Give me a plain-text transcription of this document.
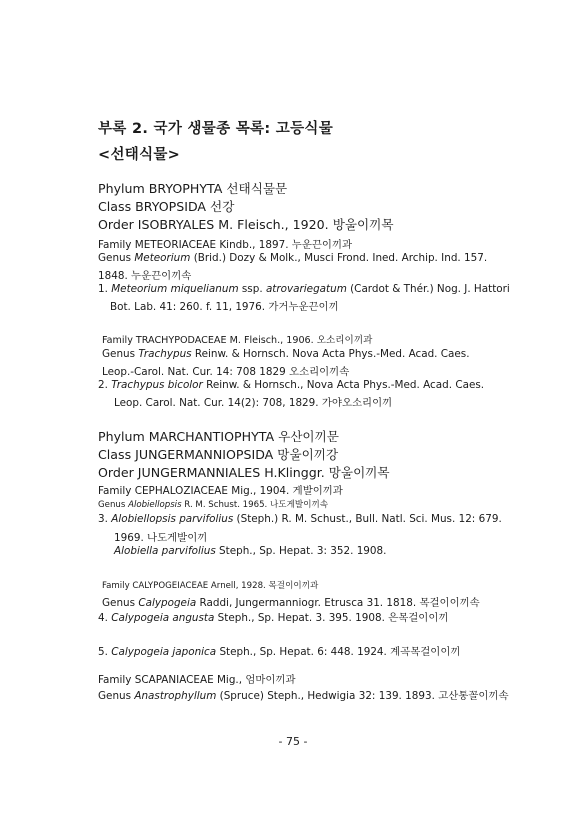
부록 2. 국가 생물종 목록: 고등식물
<선태식물>
Phylum BRYOPHYTA 선태식물문
Class BRYOPSIDA 선강
Order ISOBRYALES M. Fleisch., 1920. 방울이끼목
Family METEORIACEAE Kindb., 1897. 누운끈이끼과
Genus Meteorium (Brid.) Dozy & Molk., Musci Frond. Ined. Archip. Ind. 157.
1848. 누운끈이끼속
1. Meteorium miquelianum ssp. atrovariegatum (Cardot & Thér.) Nog. J. Hattori
Bot. Lab. 41: 260. f. 11, 1976. 가거누운끈이끼
Family TRACHYPODACEAE M. Fleisch., 1906. 오소리이끼과
Genus Trachypus Reinw. & Hornsch. Nova Acta Phys.-Med. Acad. Caes.
Leop.-Carol. Nat. Cur. 14: 708 1829 오소리이끼속
2. Trachypus bicolor Reinw. & Hornsch., Nova Acta Phys.-Med. Acad. Caes.
Leop. Carol. Nat. Cur. 14(2): 708, 1829. 가야오소리이끼
Phylum MARCHANTIOPHYTA 우산이끼문
Class JUNGERMANNIOPSIDA 망울이끼강
Order JUNGERMANNIALES H.Klinggr. 망울이끼목
Family CEPHALOZIACEAE Mig., 1904. 게발이끼과
Genus Alobiellopsis R. M. Schust. 1965. 나도게발이끼속
3. Alobiellopsis parvifolius (Steph.) R. M. Schust., Bull. Natl. Sci. Mus. 12: 679.
1969. 나도게발이끼
Alobiella parvifolius Steph., Sp. Hepat. 3: 352. 1908.
Family CALYPOGEIACEAE Arnell, 1928. 목걸이이끼과
Genus Calypogeia Raddi, Jungermanniogr. Etrusca 31. 1818. 목걸이이끼속
4. Calypogeia angusta Steph., Sp. Hepat. 3. 395. 1908. 은목걸이이끼
5. Calypogeia japonica Steph., Sp. Hepat. 6: 448. 1924. 계곡목걸이이끼
Family SCAPANIACEAE Mig., 엄마이끼과
Genus Anastrophyllum (Spruce) Steph., Hedwigia 32: 139. 1893. 고산통꼴이끼속
- 75 -
